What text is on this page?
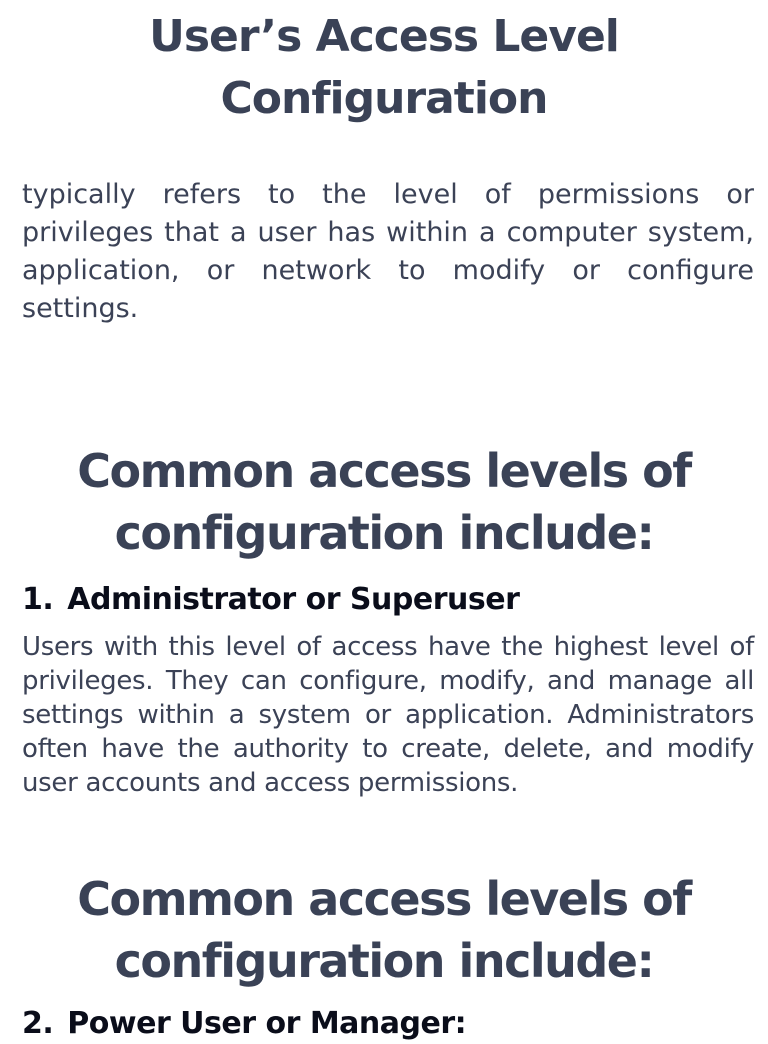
User’s Access Level Configuration

typically refers to the level of permissions or privileges that a user has within a computer system, application, or network to modify or configure settings.

Common access levels of configuration include:
1. Administrator or Superuser

Users with this level of access have the highest level of privileges. They can configure, modify, and manage all settings within a system or application. Administrators often have the authority to create, delete, and modify user accounts and access permissions.

Common access levels of configuration include:
2. Power User or Manager:
